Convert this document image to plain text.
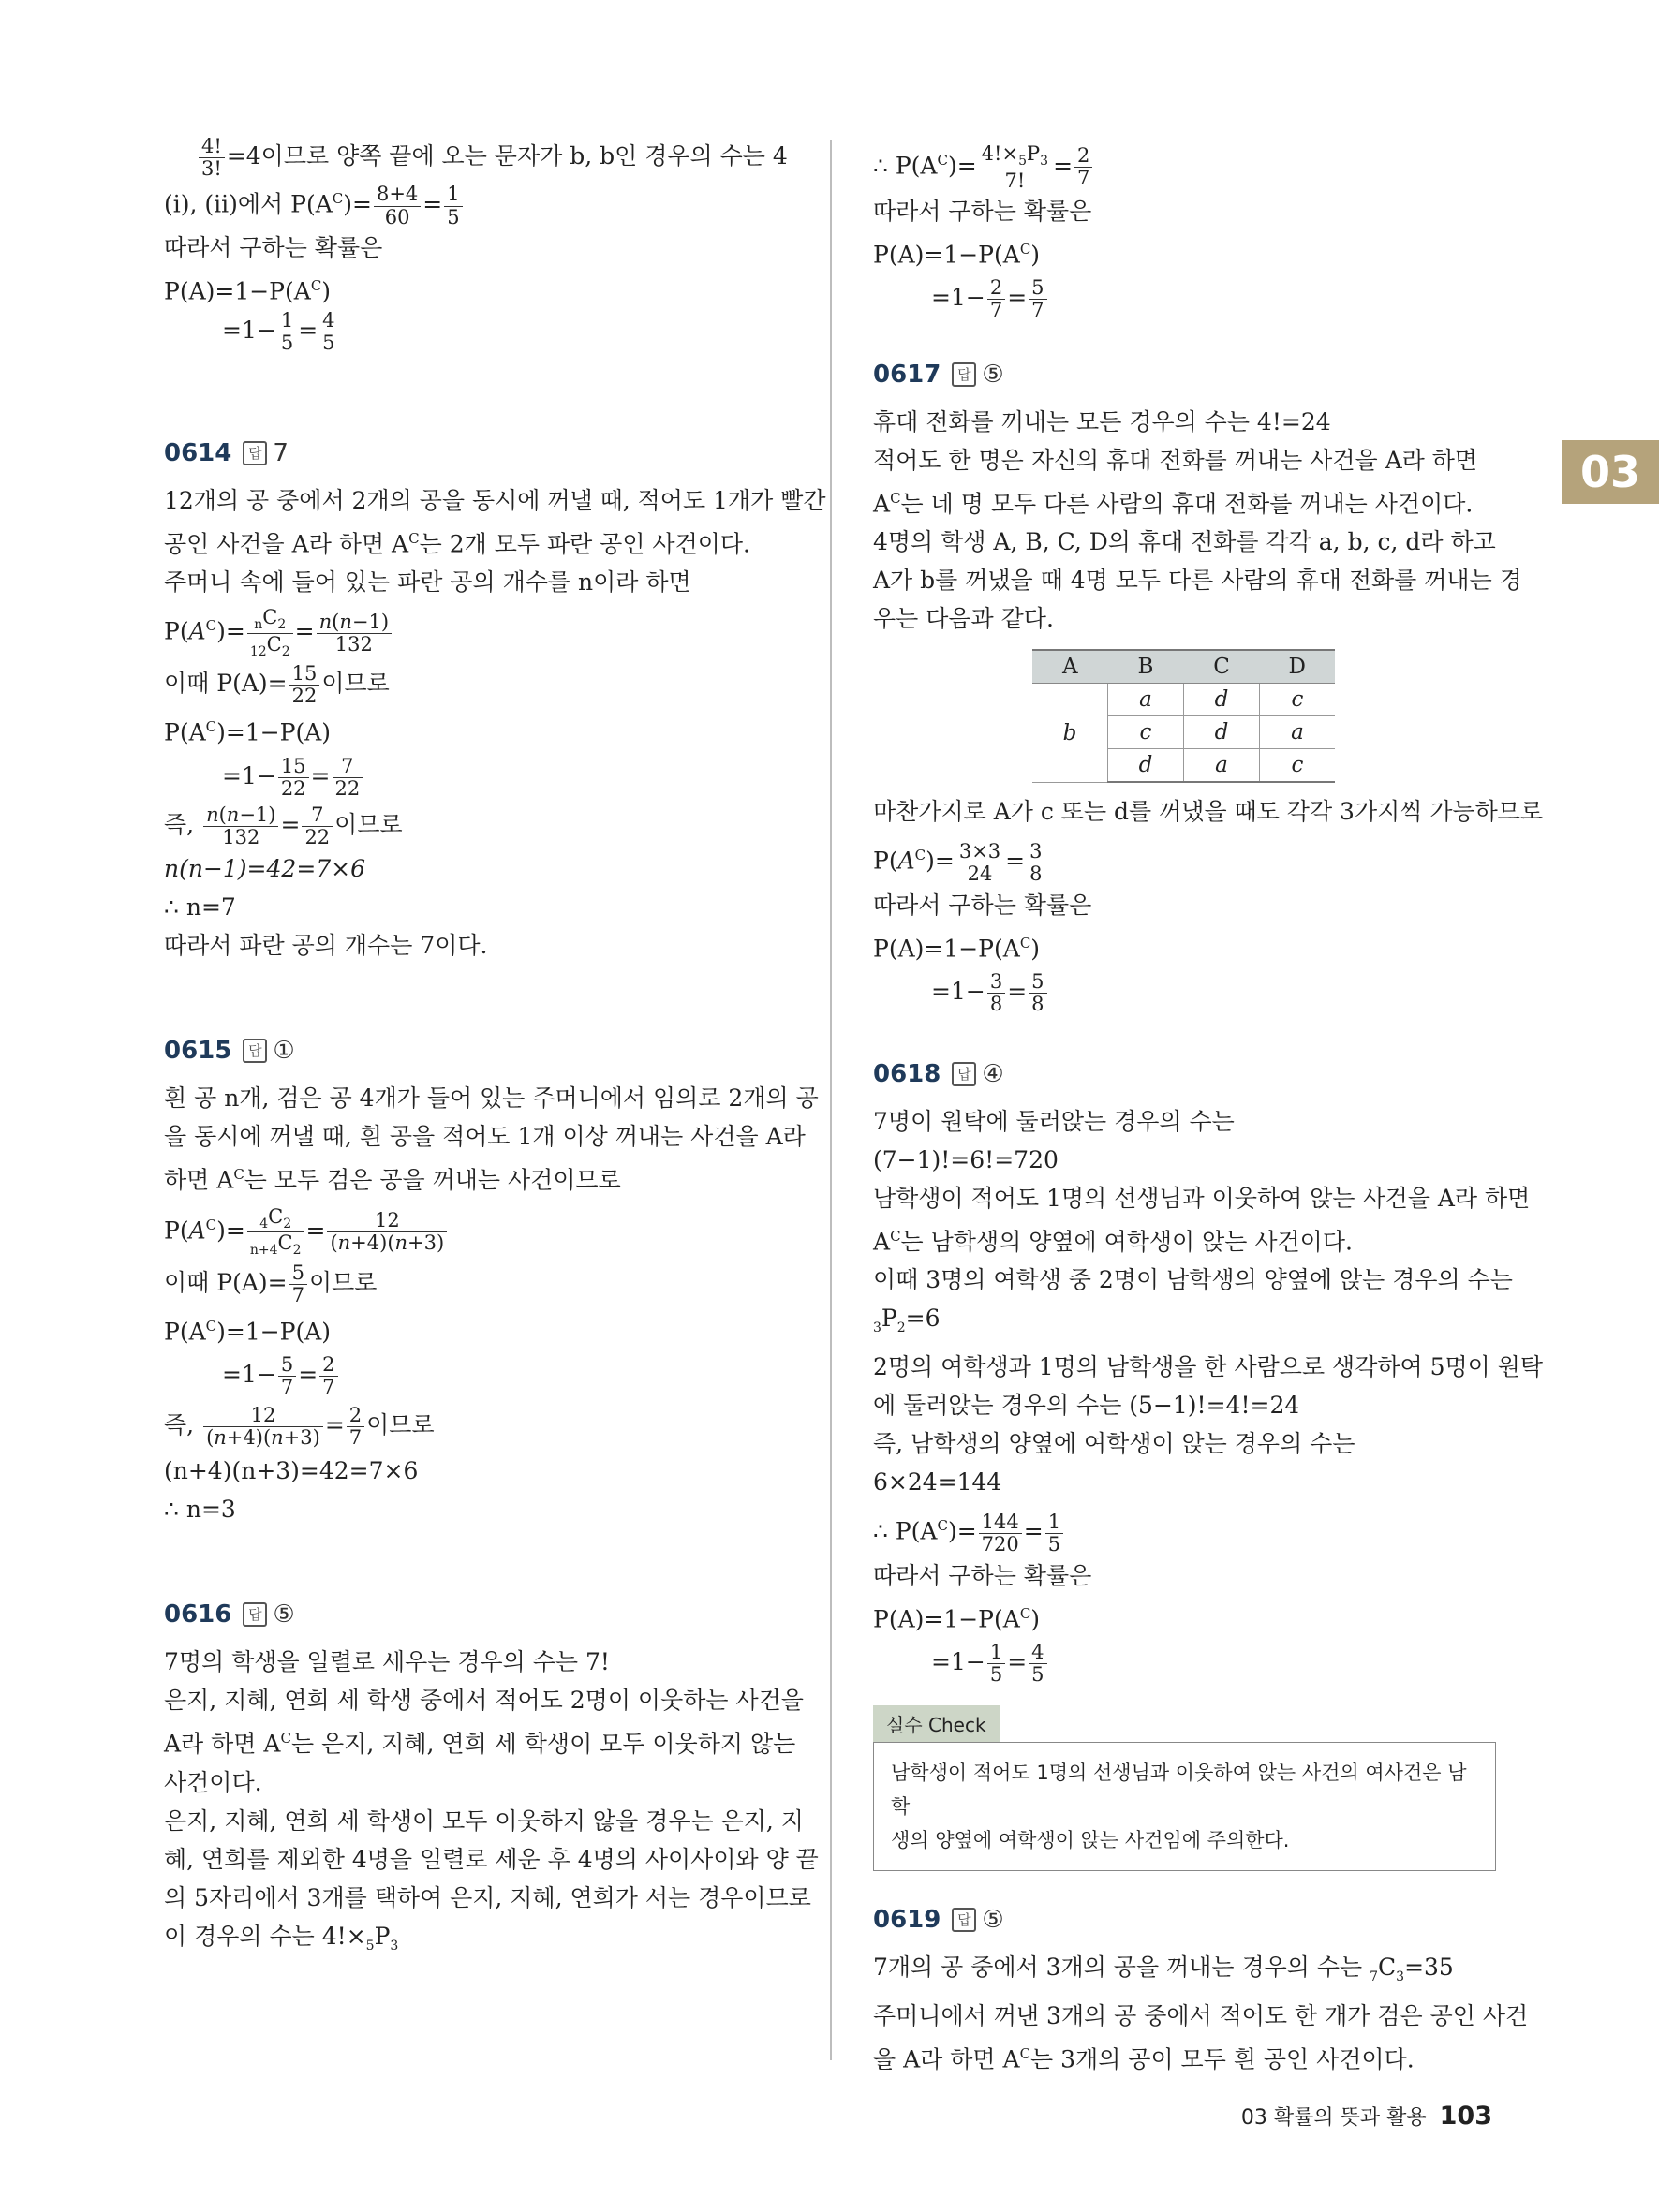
03
$\frac{4!}{3!} =4$이므로 양쪽 끝에 오는 문자가 b, b인 경우의 수는 4
(ⅰ), (ⅱ)에서 $P(A^C)= \frac{8+4}{60} = \frac{1}{5}$
따라서 구하는 확률은
$P(A)=1-P(A^C)$
$=1- \frac{1}{5} = \frac{4}{5}$
0614 답 7
12개의 공 중에서 2개의 공을 동시에 꺼낼 때, 적어도 1개가 빨간
공인 사건을 A라 하면 $A^C$는 2개 모두 파란 공인 사건이다.
주머니 속에 들어 있는 파란 공의 개수를 n이라 하면
$P(A^C)= \frac{_nC_2}{_{12}C_2} = \frac{n(n-1)}{132}$
이때 $P(A)= \frac{15}{22}$ 이므로
$P(A^C)=1-P(A)$
$=1- \frac{15}{22} = \frac{7}{22}$
즉, $\frac{n(n-1)}{132} = \frac{7}{22}$ 이므로
n(n−1)=42=7×6
∴ n=7
따라서 파란 공의 개수는 7이다.
0615 답 ①
흰 공 n개, 검은 공 4개가 들어 있는 주머니에서 임의로 2개의 공
을 동시에 꺼낼 때, 흰 공을 적어도 1개 이상 꺼내는 사건을 A라
하면 $A^C$는 모두 검은 공을 꺼내는 사건이므로
$P(A^C)= \frac{_4C_2}{_{n+4}C_2} = \frac{12}{(n+4)(n+3)}$
이때 $P(A)= \frac{5}{7}$ 이므로
$P(A^C)=1-P(A)$
$=1- \frac{5}{7} = \frac{2}{7}$
즉, $\frac{12}{(n+4)(n+3)} = \frac{2}{7}$ 이므로
(n+4)(n+3)=42=7×6
∴ n=3
0616 답 ⑤
7명의 학생을 일렬로 세우는 경우의 수는 7!
은지, 지혜, 연희 세 학생 중에서 적어도 2명이 이웃하는 사건을
A라 하면 $A^C$는 은지, 지혜, 연희 세 학생이 모두 이웃하지 않는
사건이다.
은지, 지혜, 연희 세 학생이 모두 이웃하지 않을 경우는 은지, 지
혜, 연희를 제외한 4명을 일렬로 세운 후 4명의 사이사이와 양 끝
의 5자리에서 3개를 택하여 은지, 지혜, 연희가 서는 경우이므로
이 경우의 수는 $4!\times_5P_3$
∴ $P(A^C)= \frac{4!\times_5P_3}{7!} = \frac{2}{7}$
따라서 구하는 확률은
$P(A)=1-P(A^C)$
$=1- \frac{2}{7} = \frac{5}{7}$
0617 답 ⑤
휴대 전화를 꺼내는 모든 경우의 수는 4!=24
적어도 한 명은 자신의 휴대 전화를 꺼내는 사건을 A라 하면
$A^C$는 네 명 모두 다른 사람의 휴대 전화를 꺼내는 사건이다.
4명의 학생 A, B, C, D의 휴대 전화를 각각 a, b, c, d라 하고
A가 b를 꺼냈을 때 4명 모두 다른 사람의 휴대 전화를 꺼내는 경
우는 다음과 같다.
A	B	C	D
b	a	d	c
	c	d	a
	d	a	c
마찬가지로 A가 c 또는 d를 꺼냈을 때도 각각 3가지씩 가능하므로
$P(A^C)= \frac{3\times 3}{24} = \frac{3}{8}$
따라서 구하는 확률은
$P(A)=1-P(A^C)$
$=1- \frac{3}{8} = \frac{5}{8}$
0618 답 ④
7명이 원탁에 둘러앉는 경우의 수는
(7−1)!=6!=720
남학생이 적어도 1명의 선생님과 이웃하여 앉는 사건을 A라 하면
$A^C$는 남학생의 양옆에 여학생이 앉는 사건이다.
이때 3명의 여학생 중 2명이 남학생의 양옆에 앉는 경우의 수는
$_3P_2=6$
2명의 여학생과 1명의 남학생을 한 사람으로 생각하여 5명이 원탁
에 둘러앉는 경우의 수는 (5−1)!=4!=24
즉, 남학생의 양옆에 여학생이 앉는 경우의 수는
6×24=144
∴ $P(A^C)= \frac{144}{720} = \frac{1}{5}$
따라서 구하는 확률은
$P(A)=1-P(A^C)$
$=1- \frac{1}{5} = \frac{4}{5}$
실수 Check
남학생이 적어도 1명의 선생님과 이웃하여 앉는 사건의 여사건은 남학
생의 양옆에 여학생이 앉는 사건임에 주의한다.
0619 답 ⑤
7개의 공 중에서 3개의 공을 꺼내는 경우의 수는 $_7C_3=35$
주머니에서 꺼낸 3개의 공 중에서 적어도 한 개가 검은 공인 사건
을 A라 하면 $A^C$는 3개의 공이 모두 흰 공인 사건이다.
03 확률의 뜻과 활용 103
